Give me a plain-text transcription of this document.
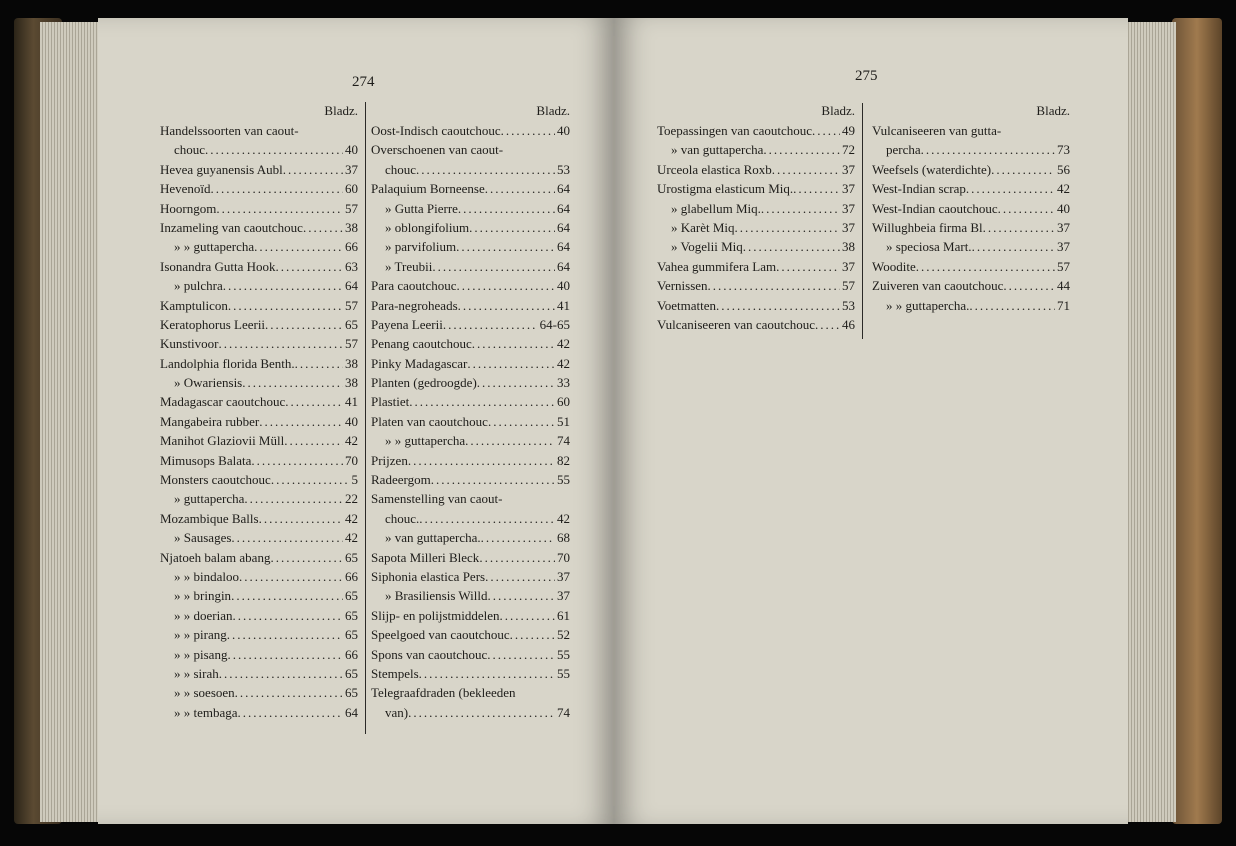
274	275
Bladz.
Handelssoorten van caout-
chouc .....	40
Hevea guyanensis Aubl .....	37
Hevenoïd .....	60
Hoorngom .....	57
Inzameling van caoutchouc .....	38
» » guttapercha .....	66
Isonandra Gutta Hook .....	63
» pulchra .....	64
Kamptulicon .....	57
Keratophorus Leerii .....	65
Kunstivoor .....	57
Landolphia florida Benth. .....	38
» Owariensis .....	38
Madagascar caoutchouc .....	41
Mangabeira rubber .....	40
Manihot Glaziovii Müll .....	42
Mimusops Balata .....	70
Monsters caoutchouc .....	5
» guttapercha .....	22
Mozambique Balls .....	42
» Sausages .....	42
Njatoeh balam abang .....	65
» » bindaloo .....	66
» » bringin .....	65
» » doerian .....	65
» » pirang .....	65
» » pisang .....	66
» » sirah .....	65
» » soesoen .....	65
» » tembaga .....	64
Bladz.
Oost-Indisch caoutchouc .....	40
Overschoenen van caout-
chouc .....	53
Palaquium Borneense .....	64
» Gutta Pierre .....	64
» oblongifolium .....	64
» parvifolium .....	64
» Treubii .....	64
Para caoutchouc .....	40
Para-negroheads .....	41
Payena Leerii .....	64-65
Penang caoutchouc .....	42
Pinky Madagascar .....	42
Planten (gedroogde) .....	33
Plastiet .....	60
Platen van caoutchouc .....	51
» » guttapercha .....	74
Prijzen .....	82
Radeergom .....	55
Samenstelling van caout-
chouc. .....	42
» van guttapercha. .....	68
Sapota Milleri Bleck .....	70
Siphonia elastica Pers .....	37
» Brasiliensis Willd .....	37
Slijp- en polijstmiddelen .....	61
Speelgoed van caoutchouc .....	52
Spons van caoutchouc .....	55
Stempels .....	55
Telegraafdraden (bekleeden
van) .....	74
Bladz.
Toepassingen van caoutchouc ..... 49
» van guttapercha .....	72
Urceola elastica Roxb .....	37
Urostigma elasticum Miq. .....	37
» glabellum Miq. .....	37
» Karèt Miq .....	37
» Vogelii Miq .....	38
Vahea gummifera Lam .....	37
Vernissen .....	57
Voetmatten .....	53
Vulcaniseeren van caoutchouc ..... 46
Bladz.
Vulcaniseeren van gutta-
percha .....	73
Weefsels (waterdichte) .....	56
West-Indian scrap .....	42
West-Indian caoutchouc .....	40
Willughbeia firma Bl .....	37
» speciosa Mart. .....	37
Woodite .....	57
Zuiveren van caoutchouc .....	44
» » guttapercha. .....	71
